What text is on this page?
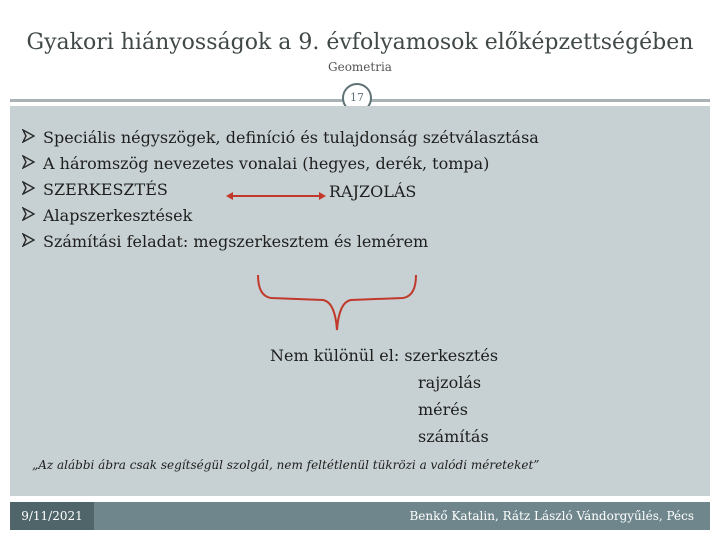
Gyakori hiányosságok a 9. évfolyamosok előképzettségében
Geometria
17
Speciális négyszögek, definíció és tulajdonság szétválasztása
A háromszög nevezetes vonalai (hegyes, derék, tompa)
SZERKESZTÉS
Alapszerkesztések
Számítási feladat: megszerkesztem és lemérem
RAJZOLÁS
Nem különül el: szerkesztés
rajzolás
mérés
számítás
„Az alábbi ábra csak segítségül szolgál, nem feltétlenül tükrözi a valódi méreteket”
9/11/2021	Benkő Katalin, Rátz László Vándorgyűlés, Pécs
